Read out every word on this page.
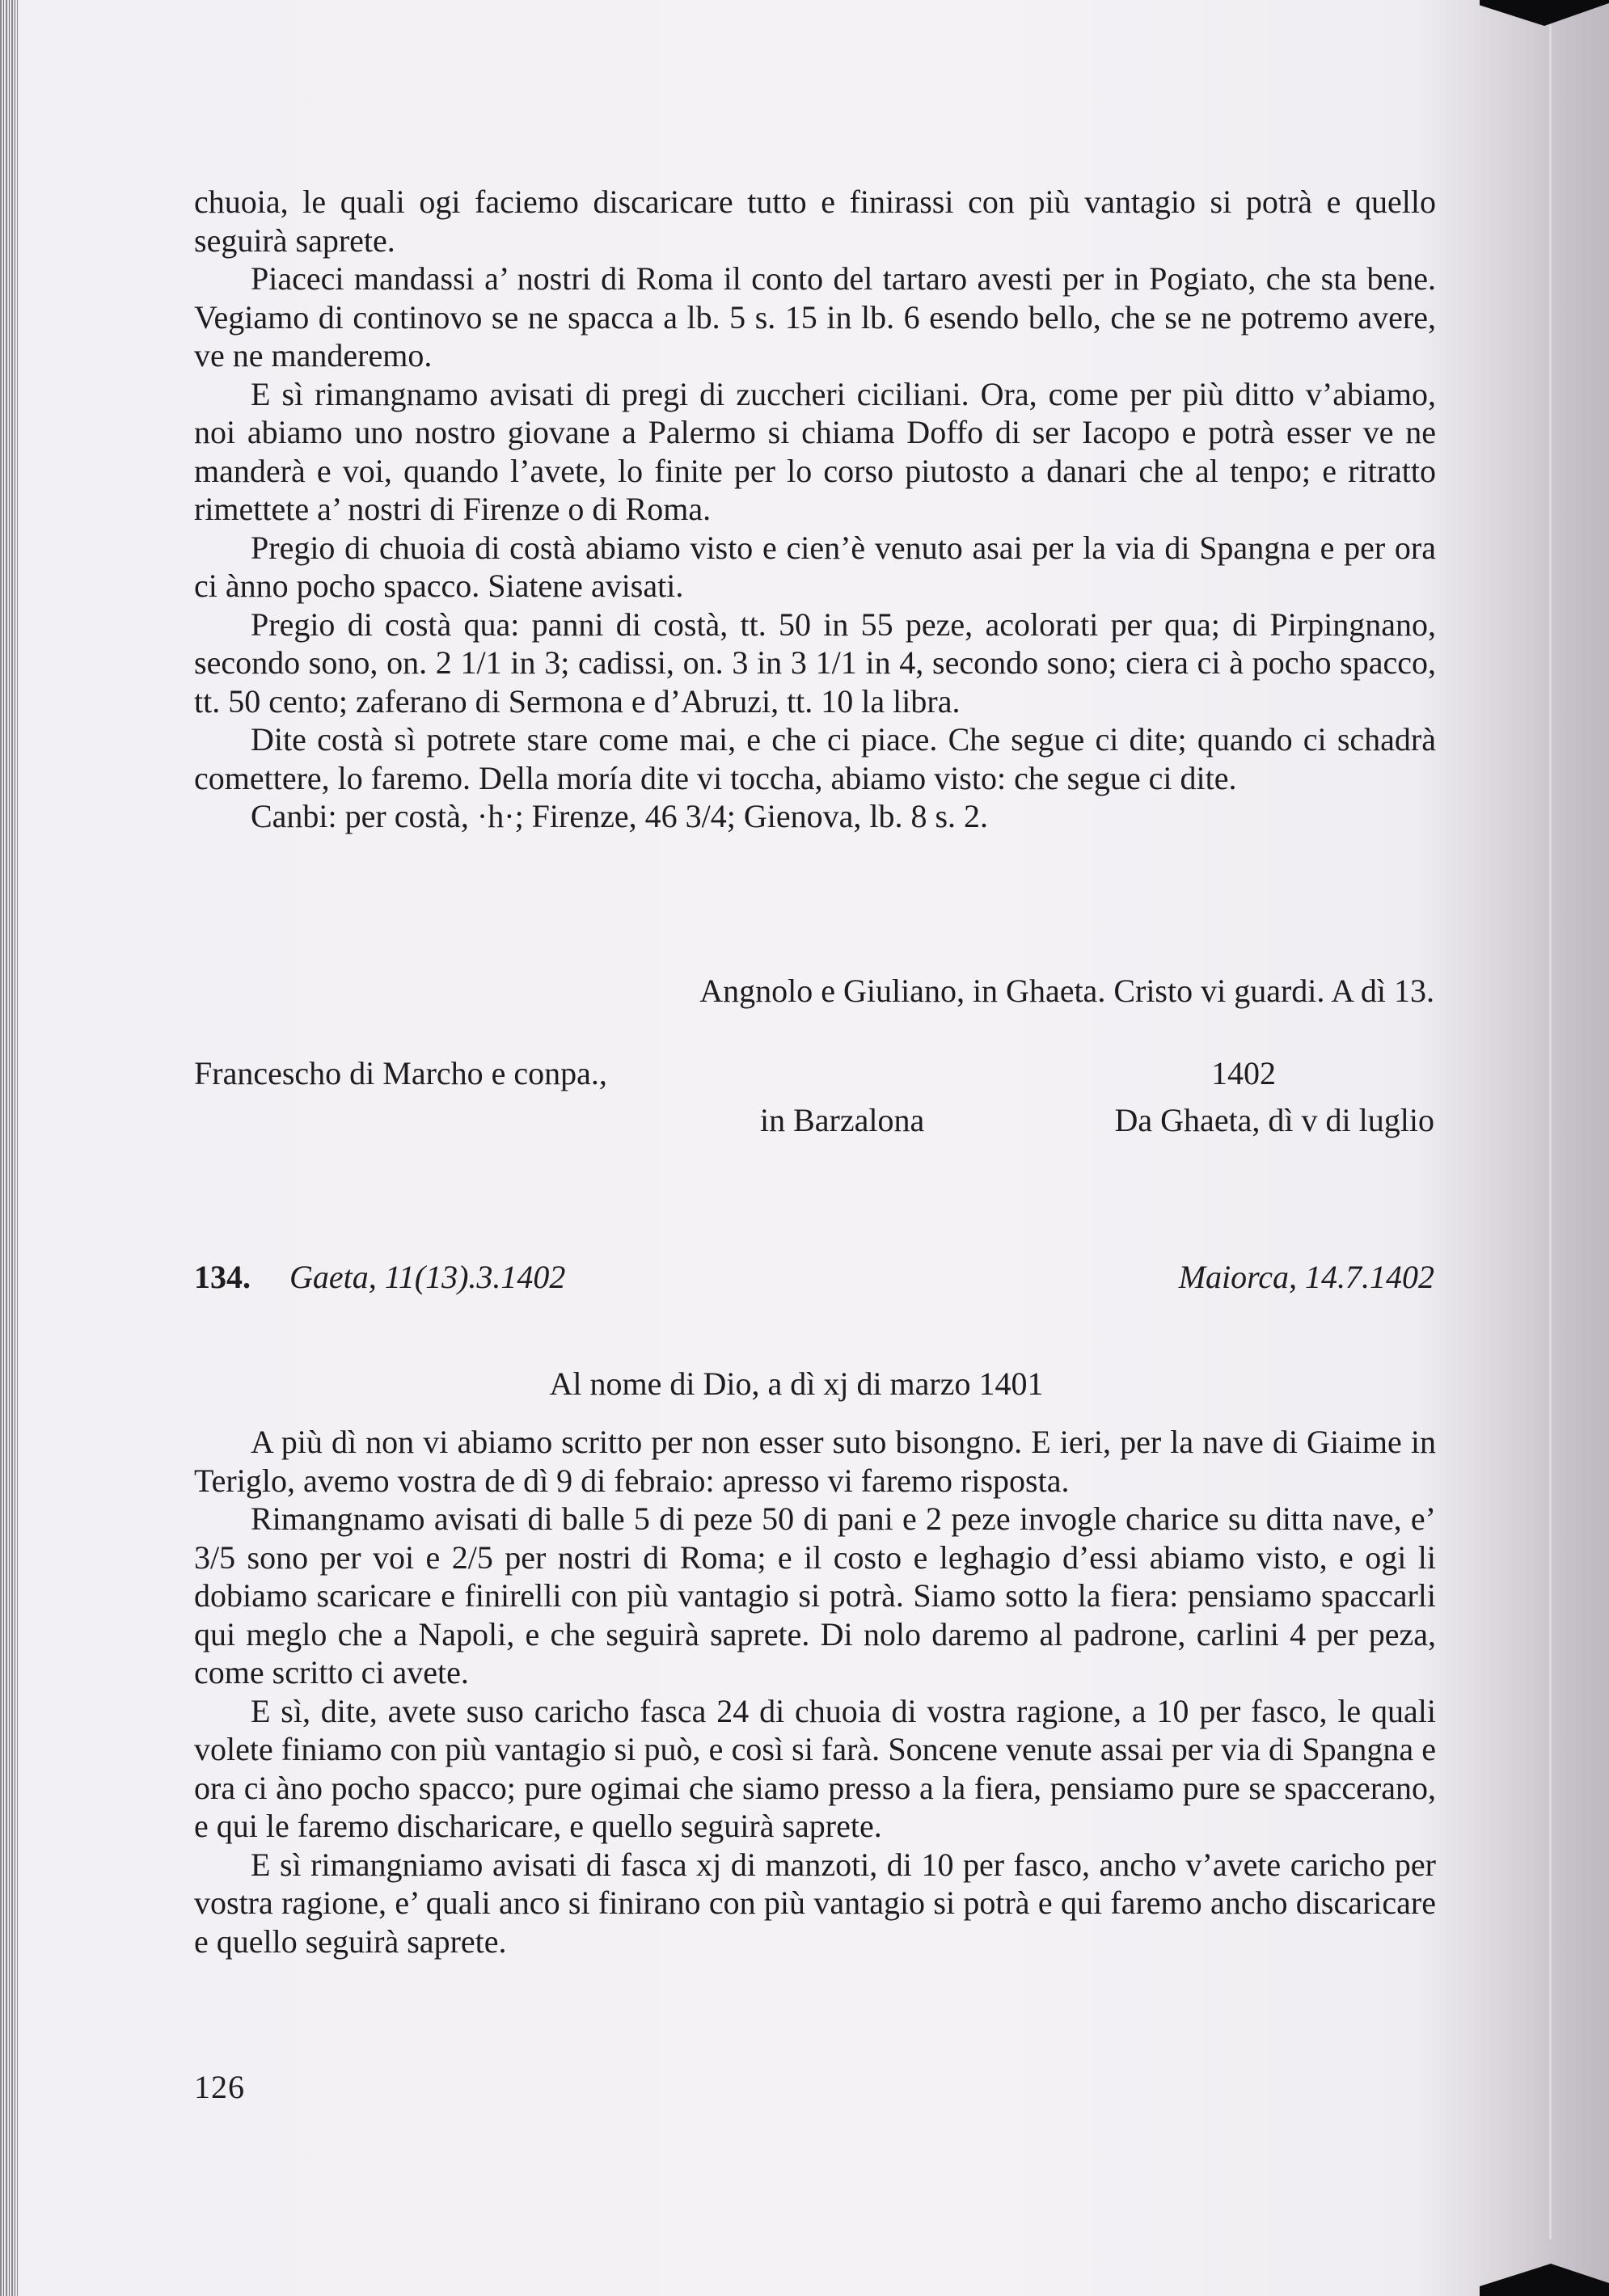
chuoia, le quali ogi faciemo discaricare tutto e finirassi con più vantagio si potrà e quello seguirà saprete.

Piaceci mandassi a’ nostri di Roma il conto del tartaro avesti per in Pogiato, che sta bene. Vegiamo di continovo se ne spacca a lb. 5 s. 15 in lb. 6 esendo bello, che se ne potremo avere, ve ne manderemo.

E sì rimangnamo avisati di pregi di zuccheri ciciliani. Ora, come per più ditto v’abiamo, noi abiamo uno nostro giovane a Palermo si chiama Doffo di ser Iacopo e potrà esser ve ne manderà e voi, quando l’avete, lo finite per lo corso piutosto a danari che al tenpo; e ritratto rimettete a’ nostri di Firenze o di Roma.

Pregio di chuoia di costà abiamo visto e cien’è venuto asai per la via di Spangna e per ora ci ànno pocho spacco. Siatene avisati.

Pregio di costà qua: panni di costà, tt. 50 in 55 peze, acolorati per qua; di Pirpingnano, secondo sono, on. 2 1/1 in 3; cadissi, on. 3 in 3 1/1 in 4, secondo sono; ciera ci à pocho spacco, tt. 50 cento; zaferano di Sermona e d’Abruzi, tt. 10 la libra.

Dite costà sì potrete stare come mai, e che ci piace. Che segue ci dite; quando ci schadrà comettere, lo faremo. Della moría dite vi toccha, abiamo visto: che segue ci dite.

Canbi: per costà, ·h·; Firenze, 46 3/4; Gienova, lb. 8 s. 2.

Angnolo e Giuliano, in Ghaeta. Cristo vi guardi. A dì 13.
Francescho di Marcho e conpa.,	1402
in Barzalona	Da Ghaeta, dì v di luglio
134. Gaeta, 11(13).3.1402	Maiorca, 14.7.1402
Al nome di Dio, a dì xj di marzo 1401

A più dì non vi abiamo scritto per non esser suto bisongno. E ieri, per la nave di Giaime in Teriglo, avemo vostra de dì 9 di febraio: apresso vi faremo risposta.

Rimangnamo avisati di balle 5 di peze 50 di pani e 2 peze invogle charice su ditta nave, e’ 3/5 sono per voi e 2/5 per nostri di Roma; e il costo e leghagio d’essi abiamo visto, e ogi li dobiamo scaricare e finirelli con più vantagio si potrà. Siamo sotto la fiera: pensiamo spaccarli qui meglo che a Napoli, e che seguirà saprete. Di nolo daremo al padrone, carlini 4 per peza, come scritto ci avete.

E sì, dite, avete suso caricho fasca 24 di chuoia di vostra ragione, a 10 per fasco, le quali volete finiamo con più vantagio si può, e così si farà. Soncene venute assai per via di Spangna e ora ci àno pocho spacco; pure ogimai che siamo presso a la fiera, pensiamo pure se spaccerano, e qui le faremo dischariсare, e quello seguirà saprete.

E sì rimangniamo avisati di fasca xj di manzoti, di 10 per fasco, ancho v’avete caricho per vostra ragione, e’ quali anco si finirano con più vantagio si potrà e qui faremo ancho discaricare e quello seguirà saprete.

126
